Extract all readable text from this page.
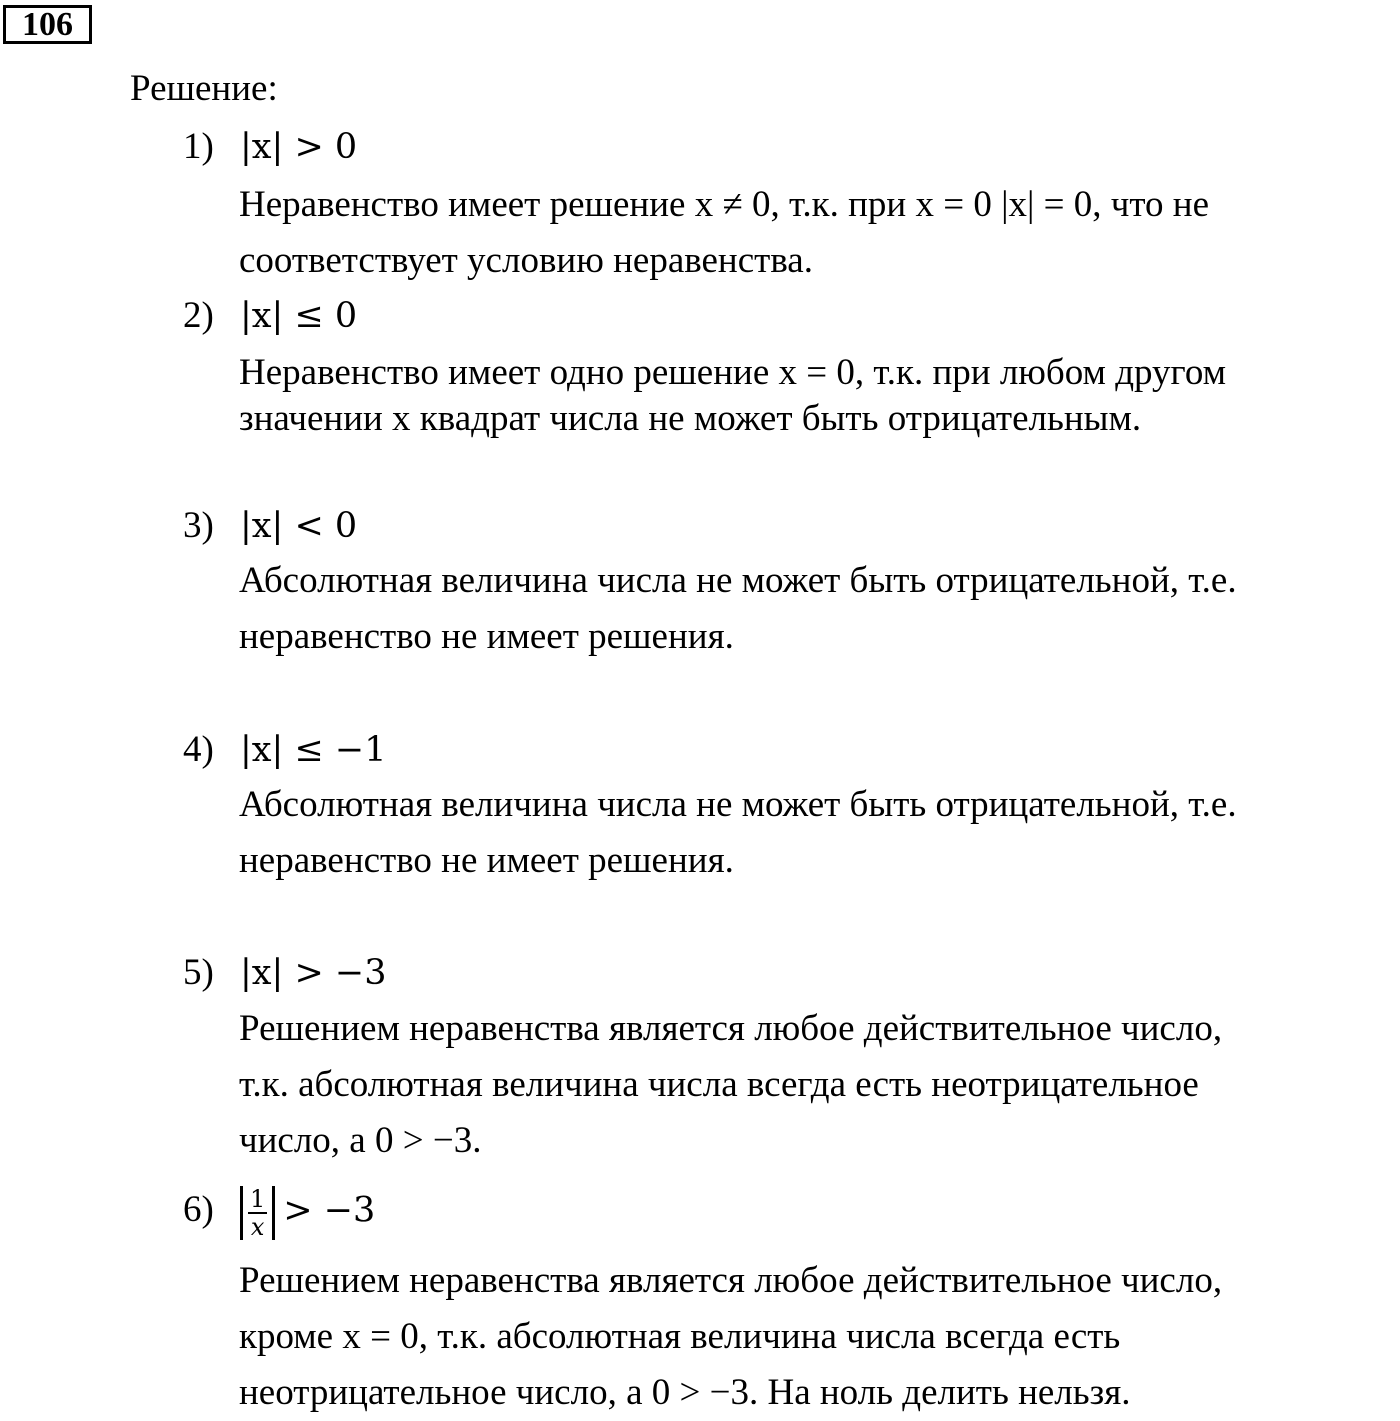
106
Решение:
1) |x| > 0
Неравенство имеет решение x ≠ 0, т.к. при x = 0 |x| = 0, что не
соответствует условию неравенства.
2) |x| ≤ 0
Неравенство имеет одно решение x = 0, т.к. при любом другом
значении x квадрат числа не может быть отрицательным.
3) |x| < 0
Абсолютная величина числа не может быть отрицательной, т.е.
неравенство не имеет решения.
4) |x| ≤ −1
Абсолютная величина числа не может быть отрицательной, т.е.
неравенство не имеет решения.
5) |x| > −3
Решением неравенства является любое действительное число,
т.к. абсолютная величина числа всегда есть неотрицательное
число, а 0 > −3.
$6) \frac{1}{x} > -3$
Решением неравенства является любое действительное число,
кроме x = 0, т.к. абсолютная величина числа всегда есть
неотрицательное число, а 0 > −3. На ноль делить нельзя.
